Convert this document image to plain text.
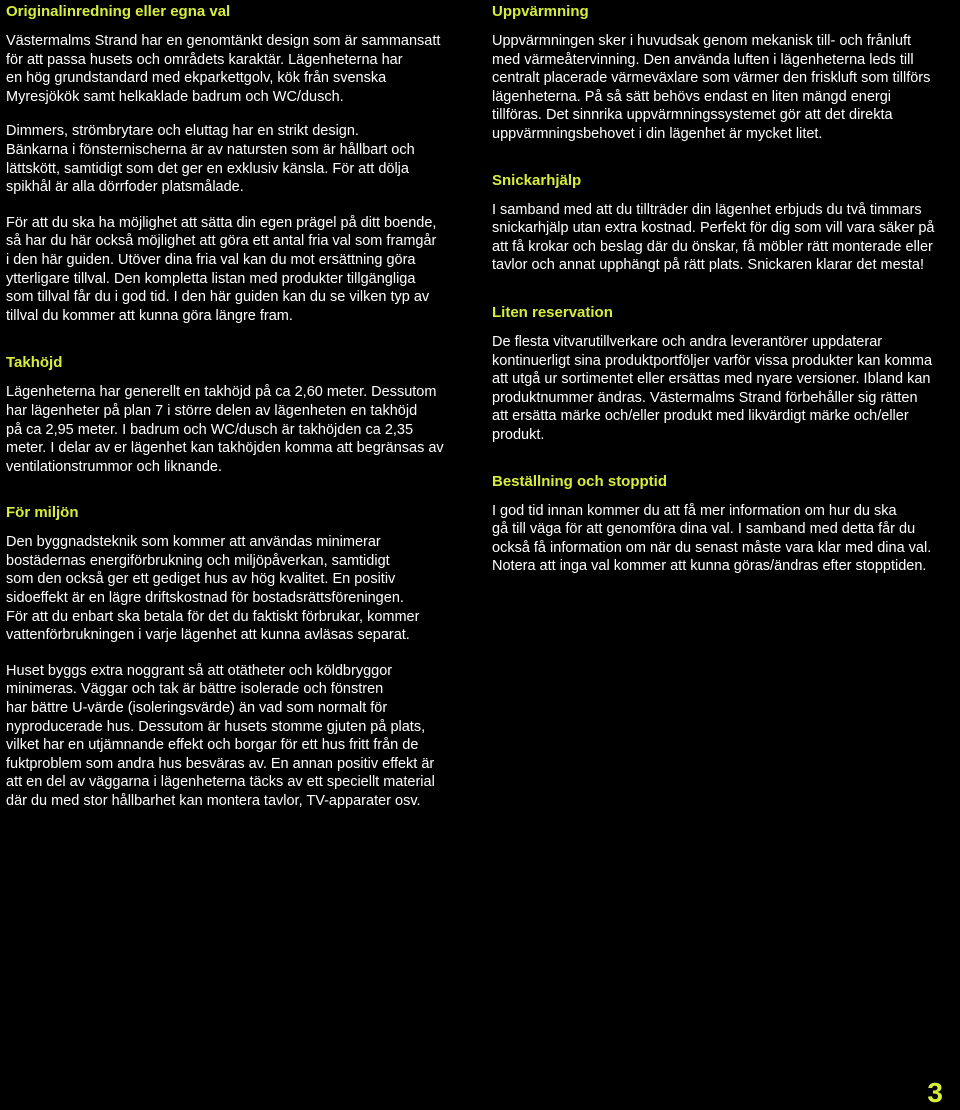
Originalinredning eller egna val
Västermalms Strand har en genomtänkt design som är sammansatt
för att passa husets och områdets karaktär. Lägenheterna har
en hög grundstandard med ekparkettgolv, kök från svenska
Myresjökök samt helkaklade badrum och WC/dusch.
Dimmers, strömbrytare och eluttag har en strikt design.
Bänkarna i fönsternischerna är av natursten som är hållbart och
lättskött, samtidigt som det ger en exklusiv känsla. För att dölja
spikhål är alla dörrfoder platsmålade.
För att du ska ha möjlighet att sätta din egen prägel på ditt boende,
så har du här också möjlighet att göra ett antal fria val som framgår
i den här guiden. Utöver dina fria val kan du mot ersättning göra
ytterligare tillval. Den kompletta listan med produkter tillgängliga
som tillval får du i god tid. I den här guiden kan du se vilken typ av
tillval du kommer att kunna göra längre fram.
Takhöjd
Lägenheterna har generellt en takhöjd på ca 2,60 meter. Dessutom
har lägenheter på plan 7 i större delen av lägenheten en takhöjd
på ca 2,95 meter. I badrum och WC/dusch är takhöjden ca 2,35
meter. I delar av er lägenhet kan takhöjden komma att begränsas av
ventilationstrummor och liknande.
För miljön
Den byggnadsteknik som kommer att användas minimerar
bostädernas energiförbrukning och miljöpåverkan, samtidigt
som den också ger ett gediget hus av hög kvalitet. En positiv
sidoeffekt är en lägre driftskostnad för bostadsrättsföreningen.
För att du enbart ska betala för det du faktiskt förbrukar, kommer
vattenförbrukningen i varje lägenhet att kunna avläsas separat.
Huset byggs extra noggrant så att otätheter och köldbryggor
minimeras. Väggar och tak är bättre isolerade och fönstren
har bättre U-värde (isoleringsvärde) än vad som normalt för
nyproducerade hus. Dessutom är husets stomme gjuten på plats,
vilket har en utjämnande effekt och borgar för ett hus fritt från de
fuktproblem som andra hus besväras av. En annan positiv effekt är
att en del av väggarna i lägenheterna täcks av ett speciellt material
där du med stor hållbarhet kan montera tavlor, TV-apparater osv.
Uppvärmning
Uppvärmningen sker i huvudsak genom mekanisk till- och frånluft
med värmeåtervinning. Den använda luften i lägenheterna leds till
centralt placerade värmeväxlare som värmer den friskluft som tillförs
lägenheterna. På så sätt behövs endast en liten mängd energi
tillföras. Det sinnrika uppvärmningssystemet gör att det direkta
uppvärmningsbehovet i din lägenhet är mycket litet.
Snickarhjälp
I samband med att du tillträder din lägenhet erbjuds du två timmars
snickarhjälp utan extra kostnad. Perfekt för dig som vill vara säker på
att få krokar och beslag där du önskar, få möbler rätt monterade eller
tavlor och annat upphängt på rätt plats. Snickaren klarar det mesta!
Liten reservation
De flesta vitvarutillverkare och andra leverantörer uppdaterar
kontinuerligt sina produktportföljer varför vissa produkter kan komma
att utgå ur sortimentet eller ersättas med nyare versioner. Ibland kan
produktnummer ändras. Västermalms Strand förbehåller sig rätten
att ersätta märke och/eller produkt med likvärdigt märke och/eller
produkt.
Beställning och stopptid
I god tid innan kommer du att få mer information om hur du ska
gå till väga för att genomföra dina val. I samband med detta får du
också få information om när du senast måste vara klar med dina val.
Notera att inga val kommer att kunna göras/ändras efter stopptiden.
3
